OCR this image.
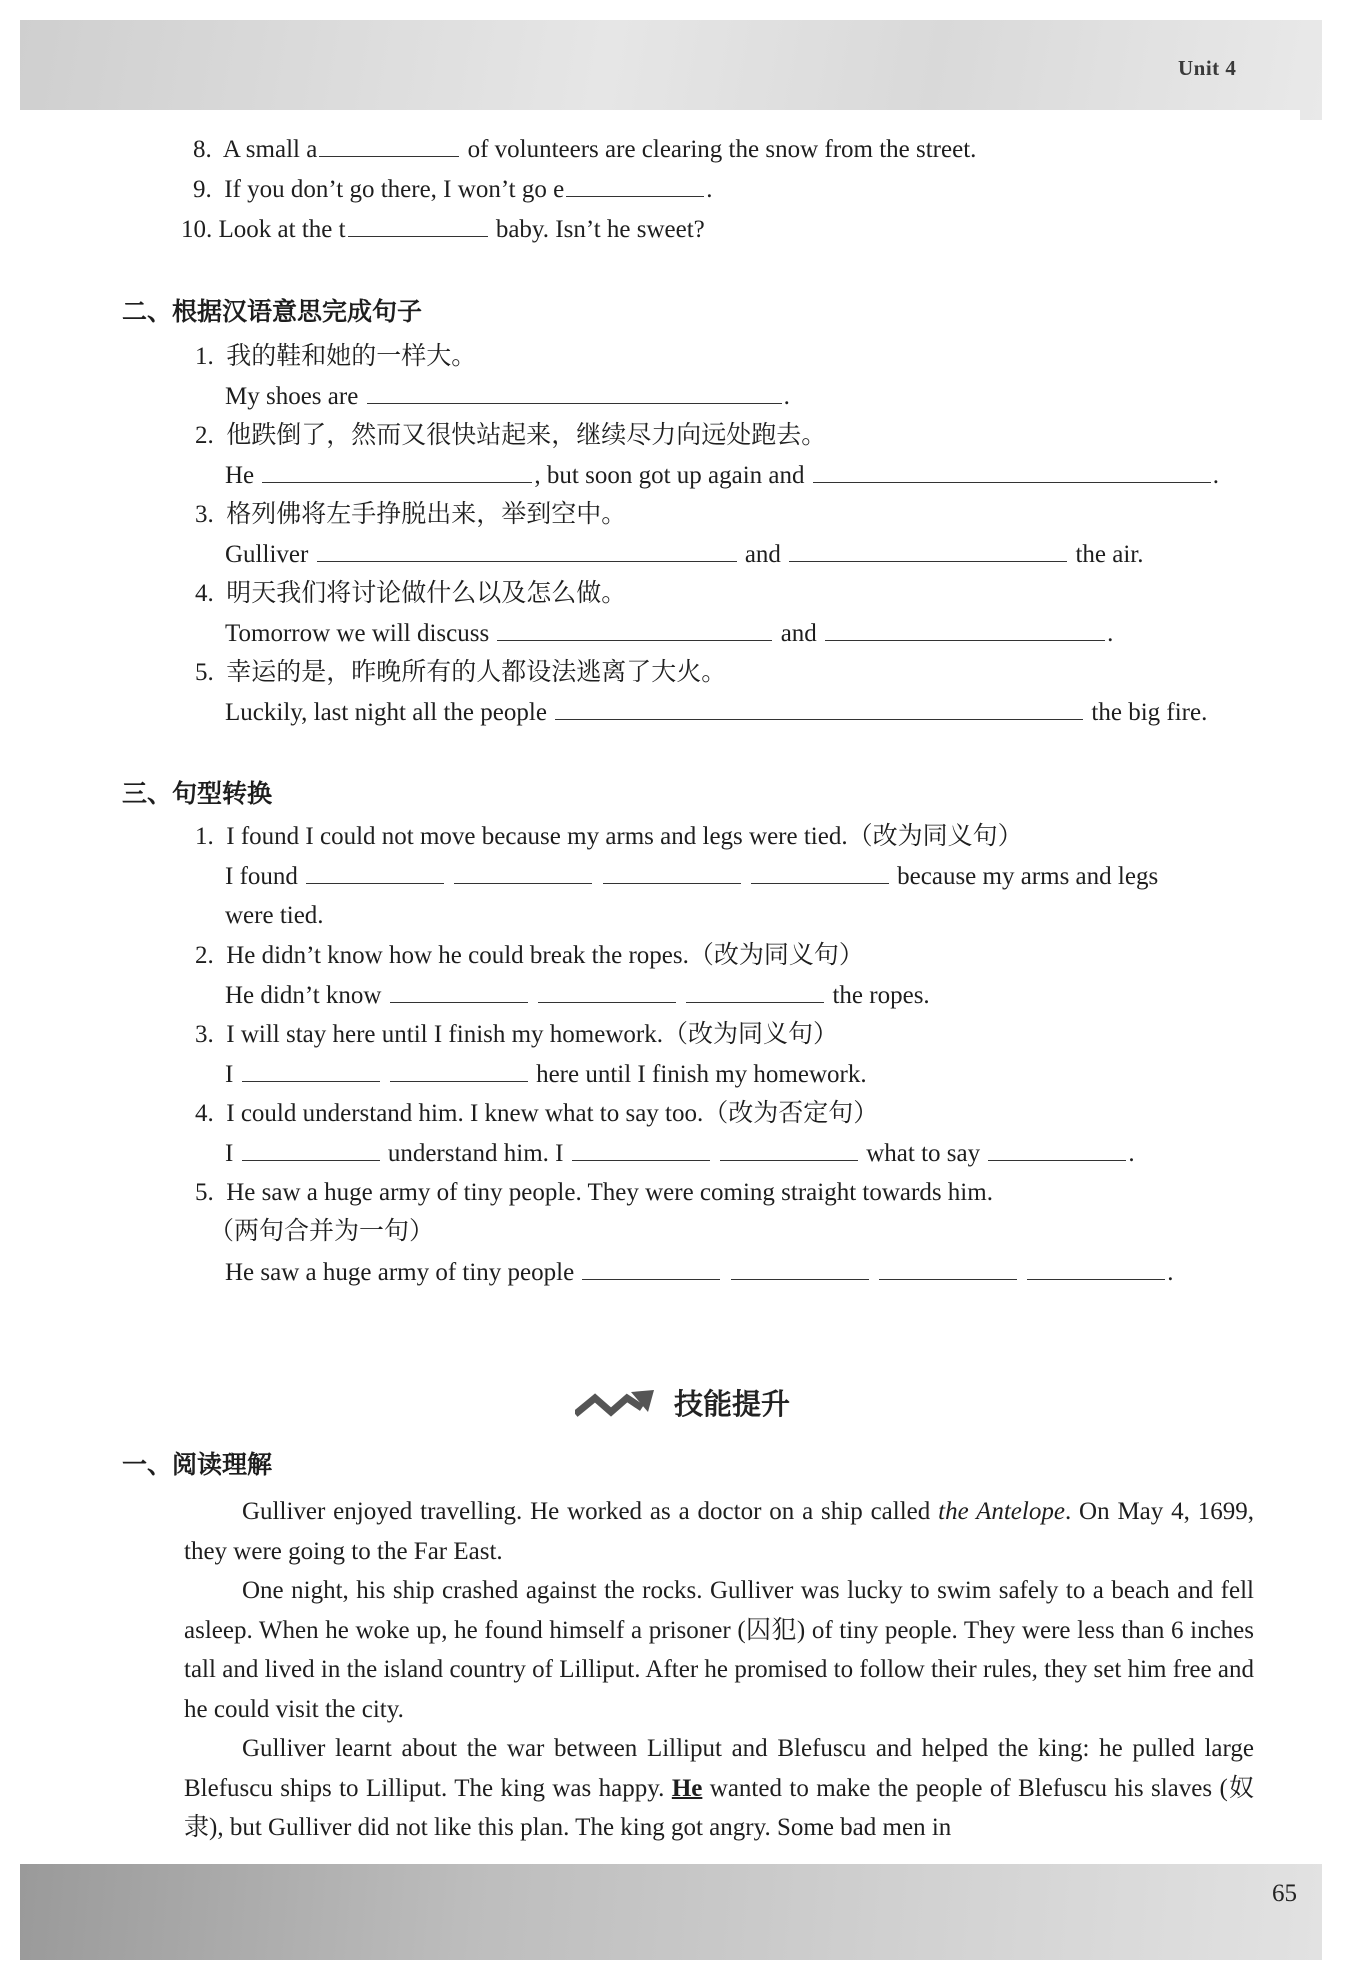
Unit 4
8. A small a	of volunteers are clearing the snow from the street.
9. If you don’t go there, I won’t go e	.
10. Look at the t	baby. Isn’t he sweet?
二、根据汉语意思完成句子
1. 我的鞋和她的一样大。
My shoes are	.
2. 他跌倒了，然而又很快站起来，继续尽力向远处跑去。
He	, but soon got up again and	.
3. 格列佛将左手挣脱出来，举到空中。
Gulliver	and	the air.
4. 明天我们将讨论做什么以及怎么做。
Tomorrow we will discuss	and	.
5. 幸运的是，昨晚所有的人都设法逃离了大火。
Luckily, last night all the people	the big fire.
三、句型转换
1. I found I could not move because my arms and legs were tied.（改为同义句）
I found	because my arms and legs
were tied.
2. He didn’t know how he could break the ropes.（改为同义句）
He didn’t know	the ropes.
3. I will stay here until I finish my homework.（改为同义句）
I	here until I finish my homework.
4. I could understand him. I knew what to say too.（改为否定句）
I	understand him. I	what to say	.
5. He saw a huge army of tiny people. They were coming straight towards him.
（两句合并为一句）
He saw a huge army of tiny people	.
技能提升
一、阅读理解

Gulliver enjoyed travelling. He worked as a doctor on a ship called the Antelope. On May 4, 1699, they were going to the Far East.

One night, his ship crashed against the rocks. Gulliver was lucky to swim safely to a beach and fell asleep. When he woke up, he found himself a prisoner (囚犯) of tiny people. They were less than 6 inches tall and lived in the island country of Lilliput. After he promised to follow their rules, they set him free and he could visit the city.

Gulliver learnt about the war between Lilliput and Blefuscu and helped the king: he pulled large Blefuscu ships to Lilliput. The king was happy. He wanted to make the people of Blefuscu his slaves (奴隶), but Gulliver did not like this plan. The king got angry. Some bad men in

65
